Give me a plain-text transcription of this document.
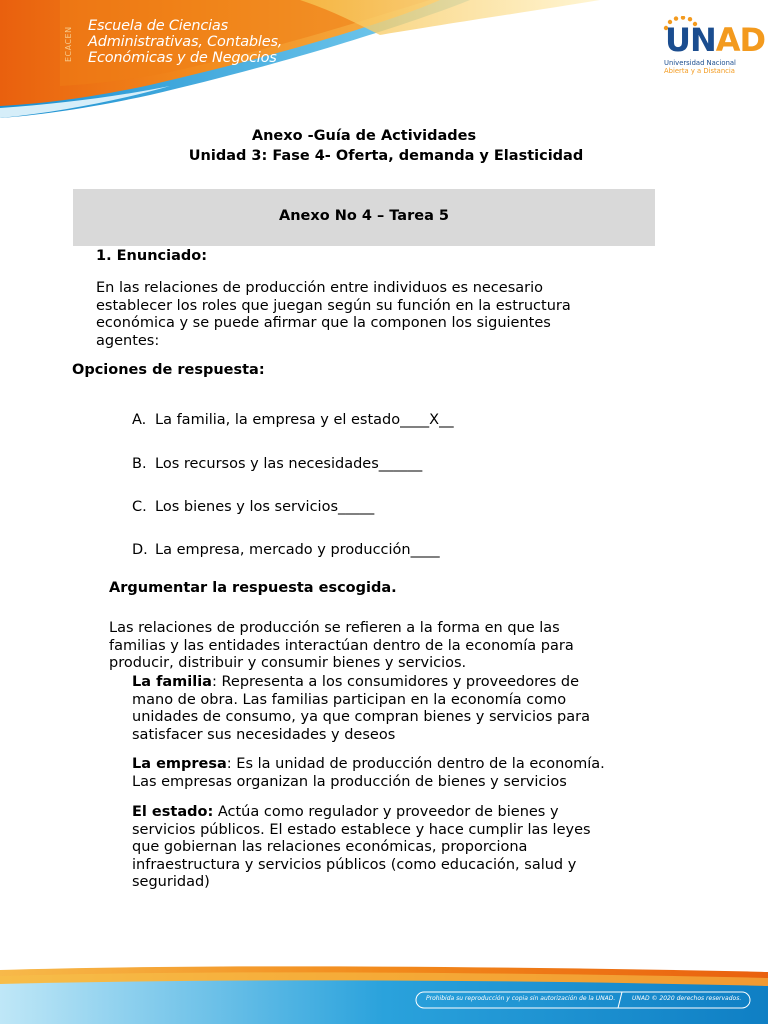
ECACEN
Escuela de Ciencias
Administrativas, Contables,
Económicas y de Negocios	UNAD
Universidad Nacional
Abierta y a Distancia
Anexo -Guía de Actividades
Unidad 3: Fase 4- Oferta, demanda y Elasticidad
Anexo No 4 – Tarea 5
1. Enunciado:
En las relaciones de producción entre individuos es necesario
establecer los roles que juegan según su función en la estructura
económica y se puede afirmar que la componen los siguientes
agentes:
Opciones de respuesta:
A. La familia, la empresa y el estado____X__
B. Los recursos y las necesidades______
C. Los bienes y los servicios_____
D. La empresa, mercado y producción____
Argumentar la respuesta escogida.
Las relaciones de producción se refieren a la forma en que las
familias y las entidades interactúan dentro de la economía para
producir, distribuir y consumir bienes y servicios.
La familia: Representa a los consumidores y proveedores de
mano de obra. Las familias participan en la economía como
unidades de consumo, ya que compran bienes y servicios para
satisfacer sus necesidades y deseos
La empresa: Es la unidad de producción dentro de la economía.
Las empresas organizan la producción de bienes y servicios
El estado: Actúa como regulador y proveedor de bienes y
servicios públicos. El estado establece y hace cumplir las leyes
que gobiernan las relaciones económicas, proporciona
infraestructura y servicios públicos (como educación, salud y
seguridad)
Prohibida su reproducción y copia sin autorización de la UNAD.	UNAD © 2020 derechos reservados.
